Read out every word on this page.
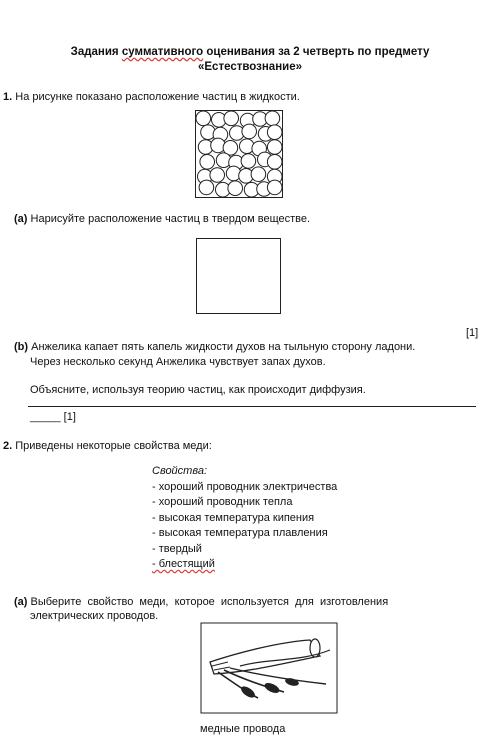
Задания суммативного оценивания за 2 четверть по предмету
«Естествознание»
1. На рисунке показано расположение частиц в жидкости.
(a) Нарисуйте расположение частиц в твердом веществе.
[1]
(b) Анжелика капает пять капель жидкости духов на тыльную сторону ладони.
Через несколько секунд Анжелика чувствует запах духов.
Объясните, используя теорию частиц, как происходит диффузия.
_____ [1]
2. Приведены некоторые свойства меди:
Свойства:
- хороший проводник электричества
- хороший проводник тепла
- высокая температура кипения
- высокая температура плавления
- твердый
- блестящий
(a) Выберите  свойство  меди,  которое  используется  для  изготовления
электрических проводов.
медные провода
